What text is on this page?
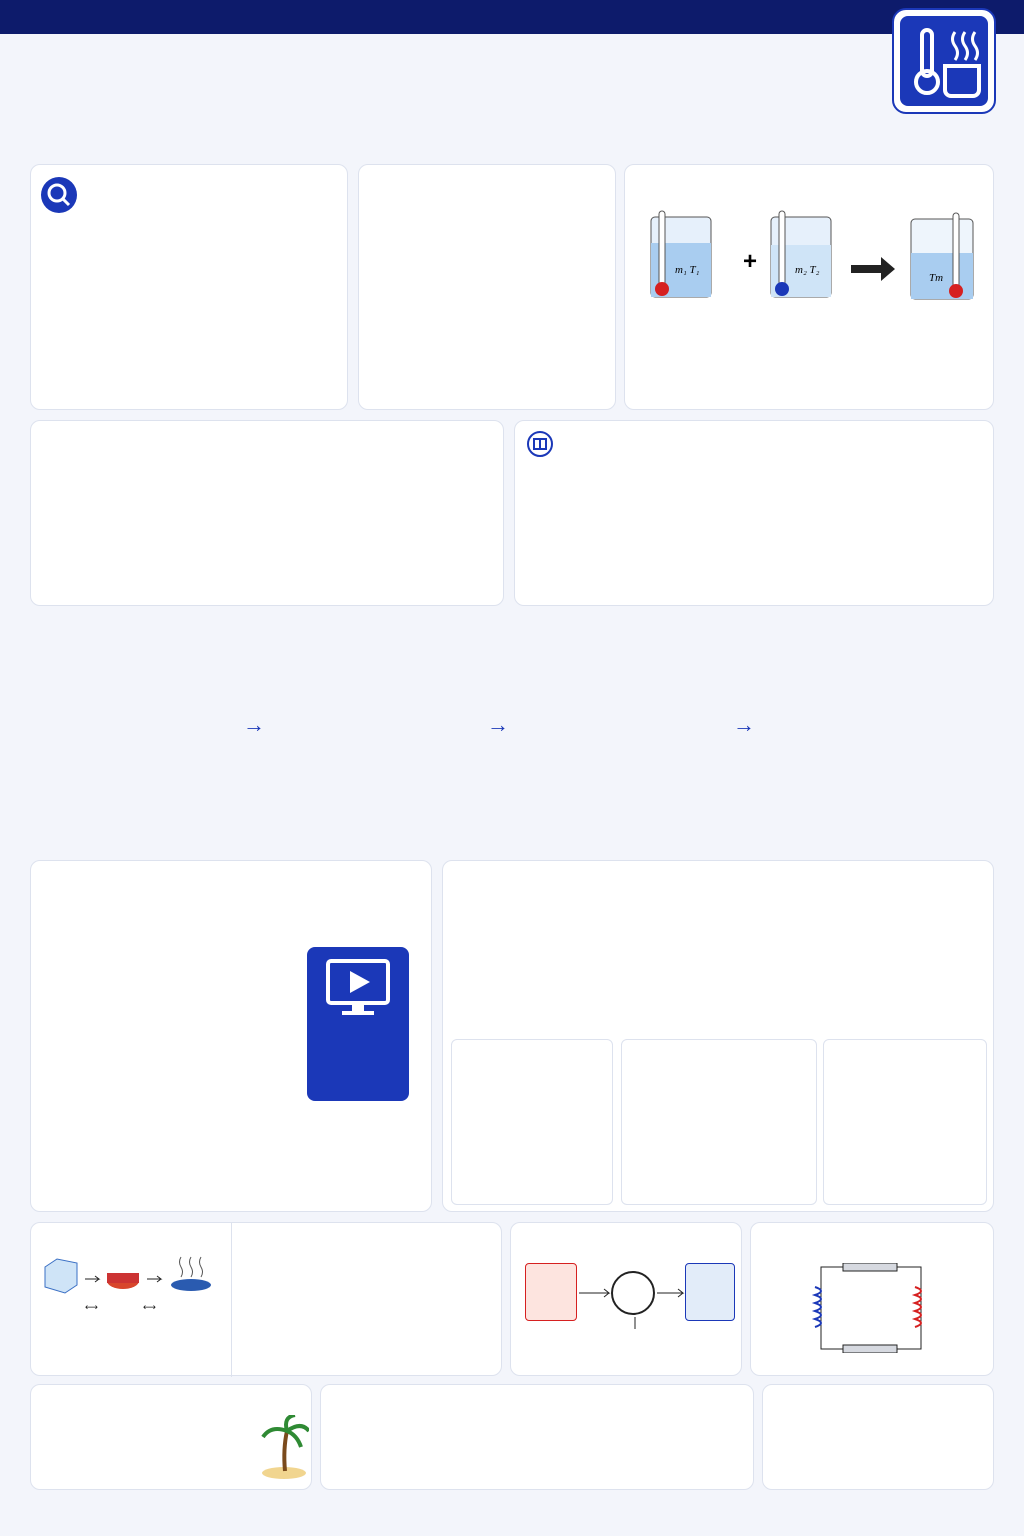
m₁ T₁ +	m₂ T₂
Tm
→	→	→
⟷	⟷
